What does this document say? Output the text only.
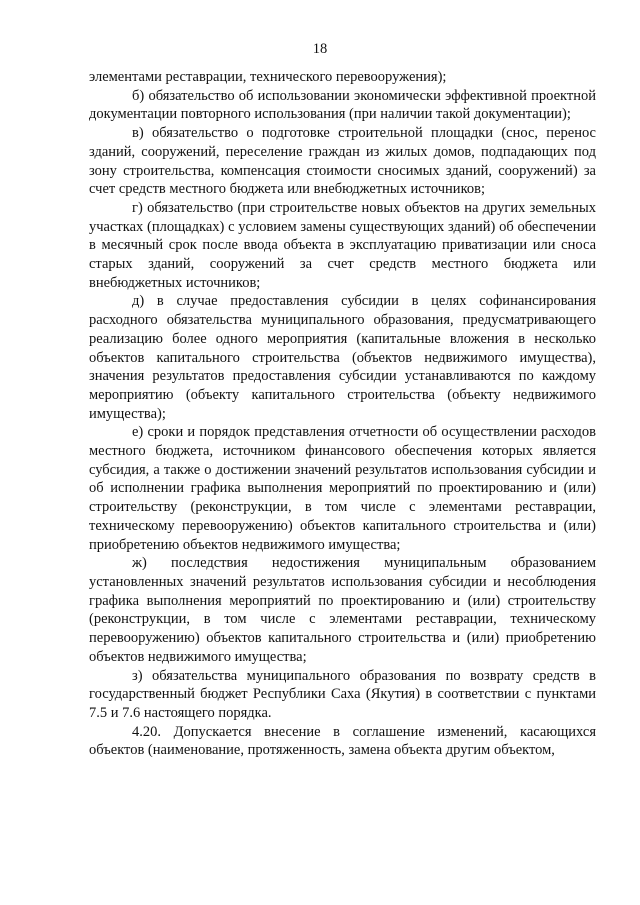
18

элементами реставрации, технического перевооружения);

б) обязательство об использовании экономически эффективной проектной документации повторного использования (при наличии такой документации);

в) обязательство о подготовке строительной площадки (снос, перенос зданий, сооружений, переселение граждан из жилых домов, подпадающих под зону строительства, компенсация стоимости сносимых зданий, сооружений) за счет средств местного бюджета или внебюджетных источников;

г) обязательство (при строительстве новых объектов на других земельных участках (площадках) с условием замены существующих зданий) об обеспечении в месячный срок после ввода объекта в эксплуатацию приватизации или сноса старых зданий, сооружений за счет средств местного бюджета или внебюджетных источников;

д) в случае предоставления субсидии в целях софинансирования расходного обязательства муниципального образования, предусматривающего реализацию более одного мероприятия (капитальные вложения в несколько объектов капитального строительства (объектов недвижимого имущества), значения результатов предоставления субсидии устанавливаются по каждому мероприятию (объекту капитального строительства (объекту недвижимого имущества);

е) сроки и порядок представления отчетности об осуществлении расходов местного бюджета, источником финансового обеспечения которых является субсидия, а также о достижении значений результатов использования субсидии и об исполнении графика выполнения мероприятий по проектированию и (или) строительству (реконструкции, в том числе с элементами реставрации, техническому перевооружению) объектов капитального строительства и (или) приобретению объектов недвижимого имущества;

ж) последствия недостижения муниципальным образованием установленных значений результатов использования субсидии и несоблюдения графика выполнения мероприятий по проектированию и (или) строительству (реконструкции, в том числе с элементами реставрации, техническому перевооружению) объектов капитального строительства и (или) приобретению объектов недвижимого имущества;

з) обязательства муниципального образования по возврату средств в государственный бюджет Республики Саха (Якутия) в соответствии с пунктами 7.5 и 7.6 настоящего порядка.

4.20. Допускается внесение в соглашение изменений, касающихся объектов (наименование, протяженность, замена объекта другим объектом,
